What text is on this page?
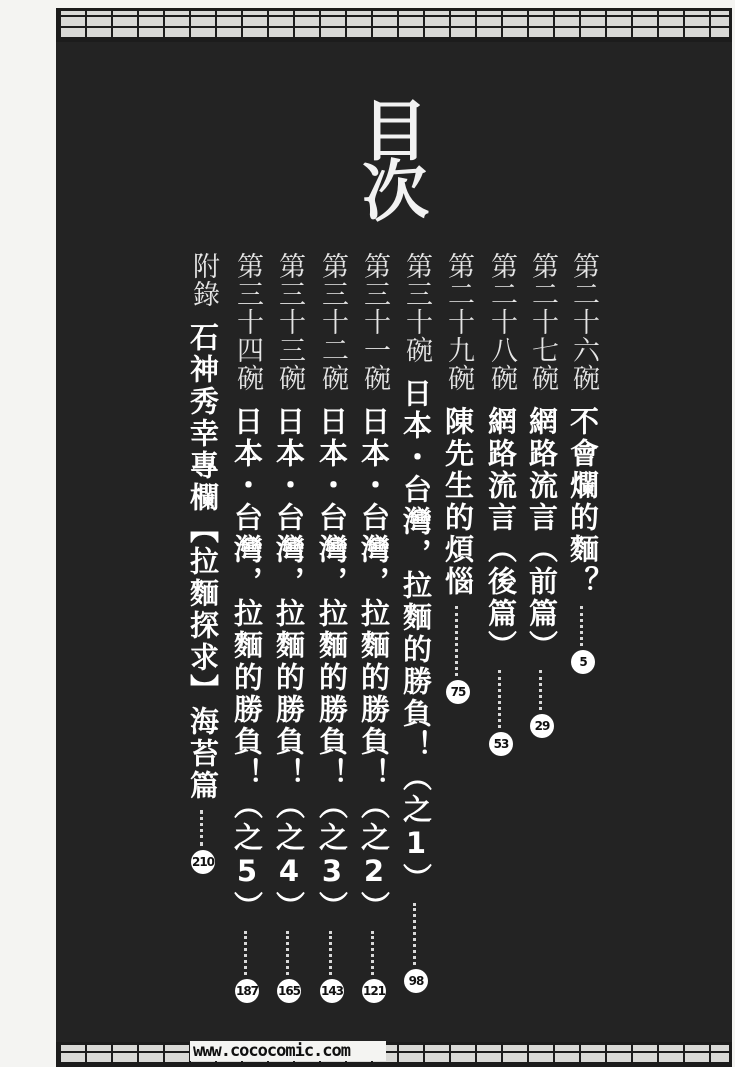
目
次
第二十六碗
不會爛的麵？
5
第二十七碗
網路流言（前篇）
29
第二十八碗
網路流言（後篇）
53
第二十九碗
陳先生的煩惱
75
第三十碗
日本・台灣，拉麵的勝負！（之1）
98
第三十一碗
日本・台灣，拉麵的勝負！（之2）
121
第三十二碗
日本・台灣，拉麵的勝負！（之3）
143
第三十三碗
日本・台灣，拉麵的勝負！（之4）
165
第三十四碗
日本・台灣，拉麵的勝負！（之5）
187
附錄
石神秀幸專欄【拉麵探求】海苔篇
210
www.cococomic.com
